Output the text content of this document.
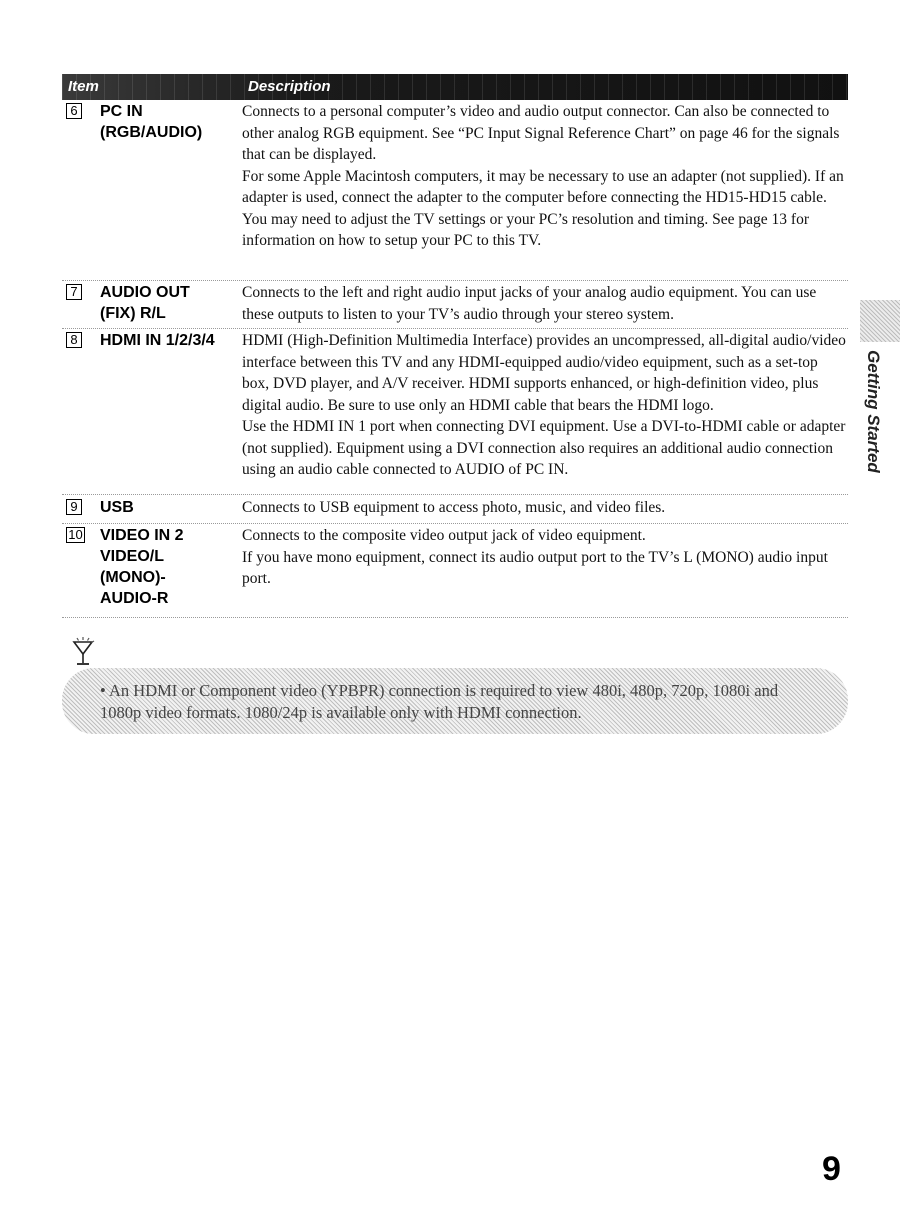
Item	Description
6 PC IN
(RGB/AUDIO)

Connects to a personal computer’s video and audio output connector. Can also be connected to other analog RGB equipment. See “PC Input Signal Reference Chart” on page 46 for the signals that can be displayed.

For some Apple Macintosh computers, it may be necessary to use an adapter (not supplied). If an adapter is used, connect the adapter to the computer before connecting the HD15-HD15 cable.

You may need to adjust the TV settings or your PC’s resolution and timing. See page 13 for information on how to setup your PC to this TV.

7 AUDIO OUT
(FIX) R/L

Connects to the left and right audio input jacks of your analog audio equipment. You can use these outputs to listen to your TV’s audio through your stereo system.

8 HDMI IN 1/2/3/4 HDMI (High-Definition Multimedia Interface) provides an uncompressed, all-digital audio/video interface between this TV and any HDMI-equipped audio/video equipment, such as a set-top box, DVD player, and A/V receiver. HDMI supports enhanced, or high-definition video, plus digital audio. Be sure to use only an HDMI cable that bears the HDMI logo.

Use the HDMI IN 1 port when connecting DVI equipment. Use a DVI-to-HDMI cable or adapter (not supplied). Equipment using a DVI connection also requires an additional audio connection using an audio cable connected to AUDIO of PC IN.

9 USB	Connects to USB equipment to access photo, music, and video files.

10 VIDEO IN 2
VIDEO/L
(MONO)-
AUDIO-R

Connects to the composite video output jack of video equipment.

If you have mono equipment, connect its audio output port to the TV’s L (MONO) audio input port.

Getting Started
• An HDMI or Component video (YPBPR) connection is required to view 480i, 480p, 720p, 1080i and 1080p video formats. 1080/24p is available only with HDMI connection.
9
